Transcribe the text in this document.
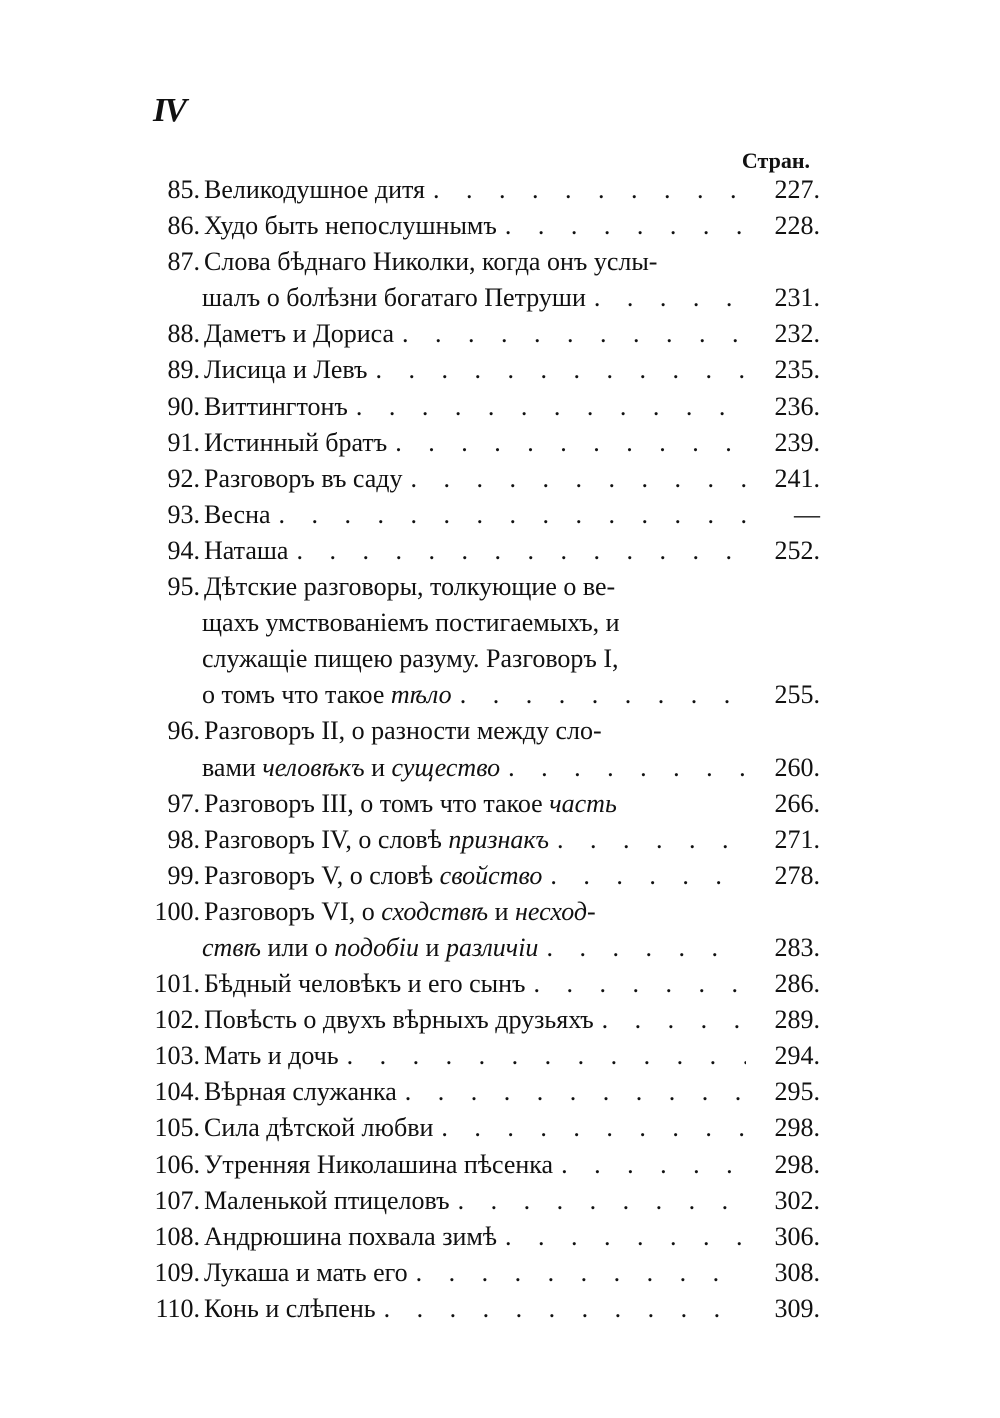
IV
Стран.
85. Великодушное дитя . . .	227.
86. Худо быть непослушнымъ . . .	228.
87. Слова бѣднаго Николки, когда онъ услы-
шалъ о болѣзни богатаго Петруши . . .	231.
88. Даметъ и Дориса . . .	232.
89. Лисица и Левъ . . .	235.
90. Виттингтонъ . . .	236.
91. Истинный братъ . . .	239.
92. Разговоръ въ саду . . .	241.
93. Весна . . .	—
94. Наташа . . .	252.
95. Дѣтские разговоры, толкующие о ве-
щахъ умствованіемъ постигаемыхъ, и
служащіе пищею разуму. Разговоръ I,
о томъ что такое тѣло . . .	255.
96. Разговоръ II, о разности между сло-
вами человѣкъ и существо . . .	260.
97. Разговоръ III, о томъ что такое часть	266.
98. Разговоръ IV, о словѣ признакъ . . .	271.
99. Разговоръ V, о словѣ свойство . . .	278.
100. Разговоръ VI, о сходствѣ и несход-
ствѣ или о подобіи и различіи . . .	283.
101. Бѣдный человѣкъ и его сынъ . . .	286.
102. Повѣсть о двухъ вѣрныхъ друзьяхъ . . .	289.
103. Мать и дочь . . .	294.
104. Вѣрная служанка . . .	295.
105. Сила дѣтской любви . . .	298.
106. Утренняя Николашина пѣсенка . . .	298.
107. Маленькой птицеловъ . . .	302.
108. Андрюшина похвала зимѣ . . .	306.
109. Лукаша и мать его . . .	308.
110. Конь и слѣпень . . .	309.
